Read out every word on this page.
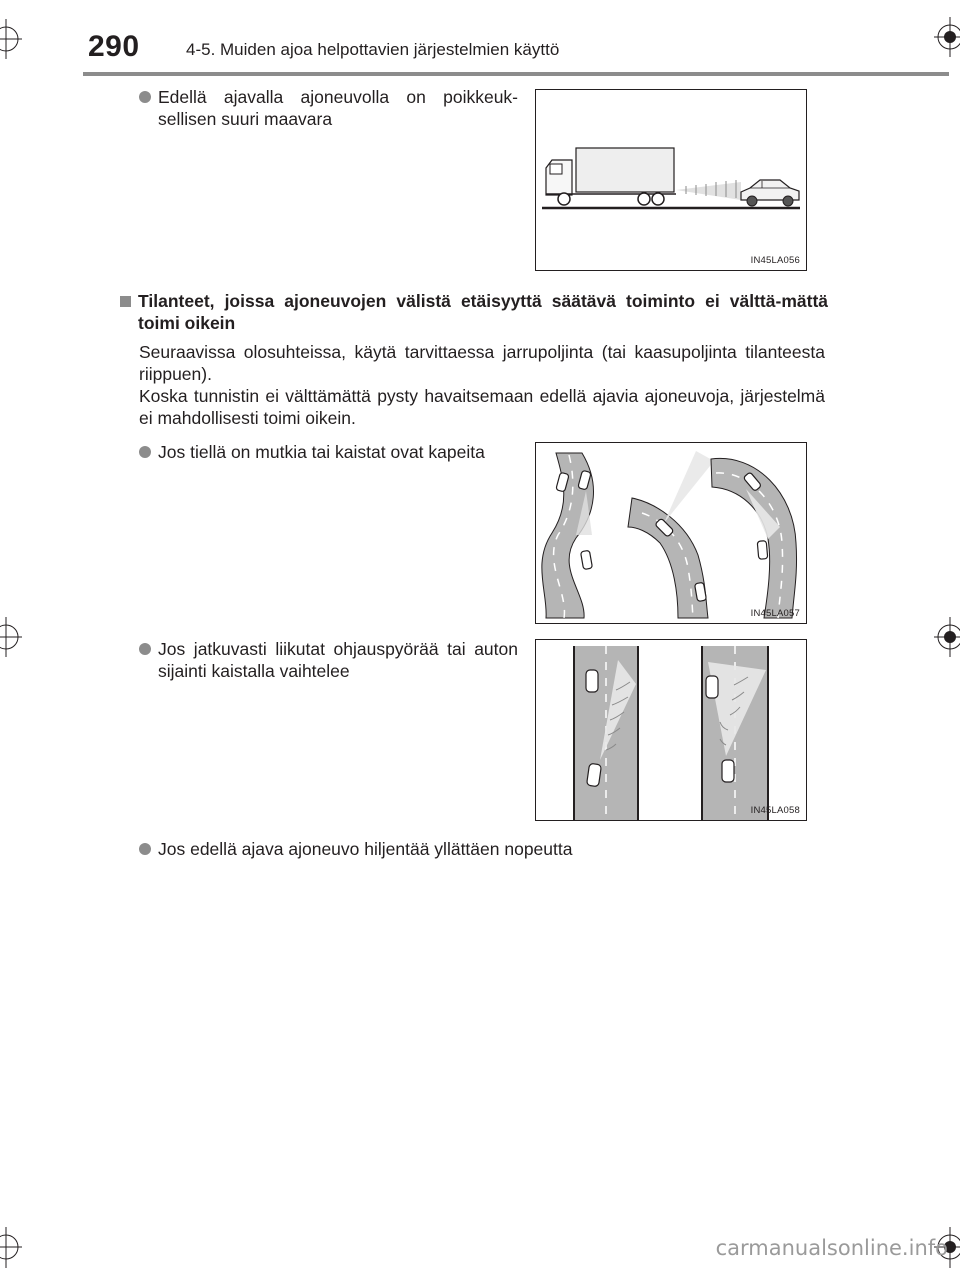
290	4-5. Muiden ajoa helpottavien järjestelmien käyttö
Edellä ajavalla ajoneuvolla on poikkeuk-sellisen suuri maavara
IN45LA056
Tilanteet, joissa ajoneuvojen välistä etäisyyttä säätävä toiminto ei välttä-mättä toimi oikein
Seuraavissa olosuhteissa, käytä tarvittaessa jarrupoljinta (tai kaasupoljinta tilanteesta riippuen).
Koska tunnistin ei välttämättä pysty havaitsemaan edellä ajavia ajoneuvoja, järjestelmä ei mahdollisesti toimi oikein.
Jos tiellä on mutkia tai kaistat ovat kapeita
IN45LA057
Jos jatkuvasti liikutat ohjauspyörää tai auton sijainti kaistalla vaihtelee
IN45LA058
Jos edellä ajava ajoneuvo hiljentää yllättäen nopeutta
carmanualsonline.info
